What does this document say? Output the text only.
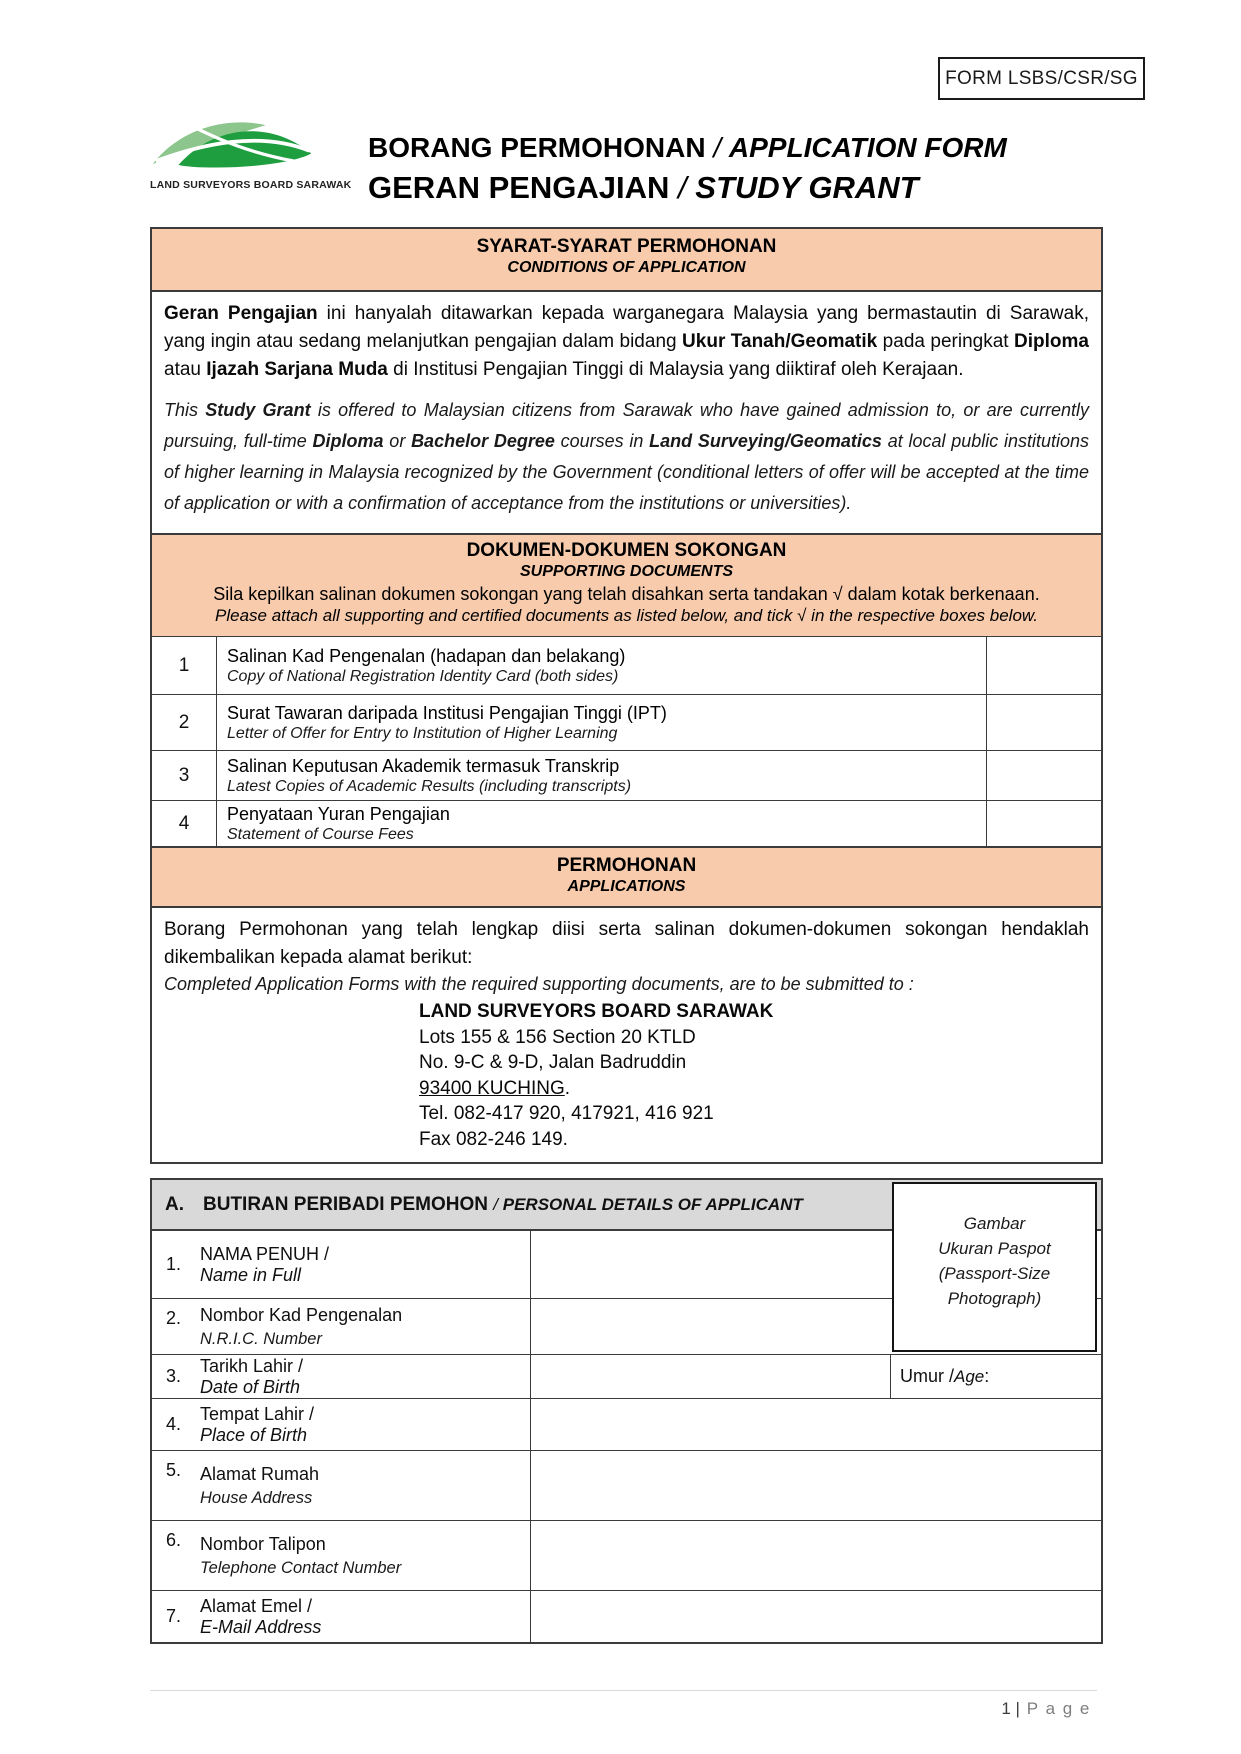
FORM LSBS/CSR/SG
LAND SURVEYORS BOARD SARAWAK
BORANG PERMOHONAN / APPLICATION FORM
GERAN PENGAJIAN / STUDY GRANT
SYARAT-SYARAT PERMOHONAN
CONDITIONS OF APPLICATION

Geran Pengajian ini hanyalah ditawarkan kepada warganegara Malaysia yang bermastautin di Sarawak, yang ingin atau sedang melanjutkan pengajian dalam bidang Ukur Tanah/Geomatik pada peringkat Diploma atau Ijazah Sarjana Muda di Institusi Pengajian Tinggi di Malaysia yang diiktiraf oleh Kerajaan.

This Study Grant is offered to Malaysian citizens from Sarawak who have gained admission to, or are currently pursuing, full-time Diploma or Bachelor Degree courses in Land Surveying/Geomatics at local public institutions of higher learning in Malaysia recognized by the Government (conditional letters of offer will be accepted at the time of application or with a confirmation of acceptance from the institutions or universities).

DOKUMEN-DOKUMEN SOKONGAN
SUPPORTING DOCUMENTS
Sila kepilkan salinan dokumen sokongan yang telah disahkan serta tandakan √ dalam kotak berkenaan.
Please attach all supporting and certified documents as listed below, and tick √ in the respective boxes below.
1	Salinan Kad Pengenalan (hadapan dan belakang)
Copy of National Registration Identity Card (both sides)
2	Surat Tawaran daripada Institusi Pengajian Tinggi (IPT)
Letter of Offer for Entry to Institution of Higher Learning
3	Salinan Keputusan Akademik termasuk Transkrip
Latest Copies of Academic Results (including transcripts)
4	Penyataan Yuran Pengajian
Statement of Course Fees
PERMOHONAN
APPLICATIONS

Borang Permohonan yang telah lengkap diisi serta salinan dokumen-dokumen sokongan hendaklah dikembalikan kepada alamat berikut:

Completed Application Forms with the required supporting documents, are to be submitted to :

LAND SURVEYORS BOARD SARAWAK
Lots 155 & 156 Section 20 KTLD
No. 9-C & 9-D, Jalan Badruddin
93400 KUCHING.
Tel. 082-417 920, 417921, 416 921
Fax 082-246 149.
A.	BUTIRAN PERIBADI PEMOHON / PERSONAL DETAILS OF APPLICANT
1.
NAMA PENUH /
Name in Full
2.	Nombor Kad Pengenalan
N.R.I.C. Number
3.
Tarikh Lahir /
Date of Birth
Umur / Age :
4.
Tempat Lahir /
Place of Birth
5.	Alamat Rumah
House Address
6.	Nombor Talipon
Telephone Contact Number
7.
Alamat Emel /
E-Mail Address
Gambar
Ukuran Paspot
(Passport-Size
Photograph)
1 | Page
